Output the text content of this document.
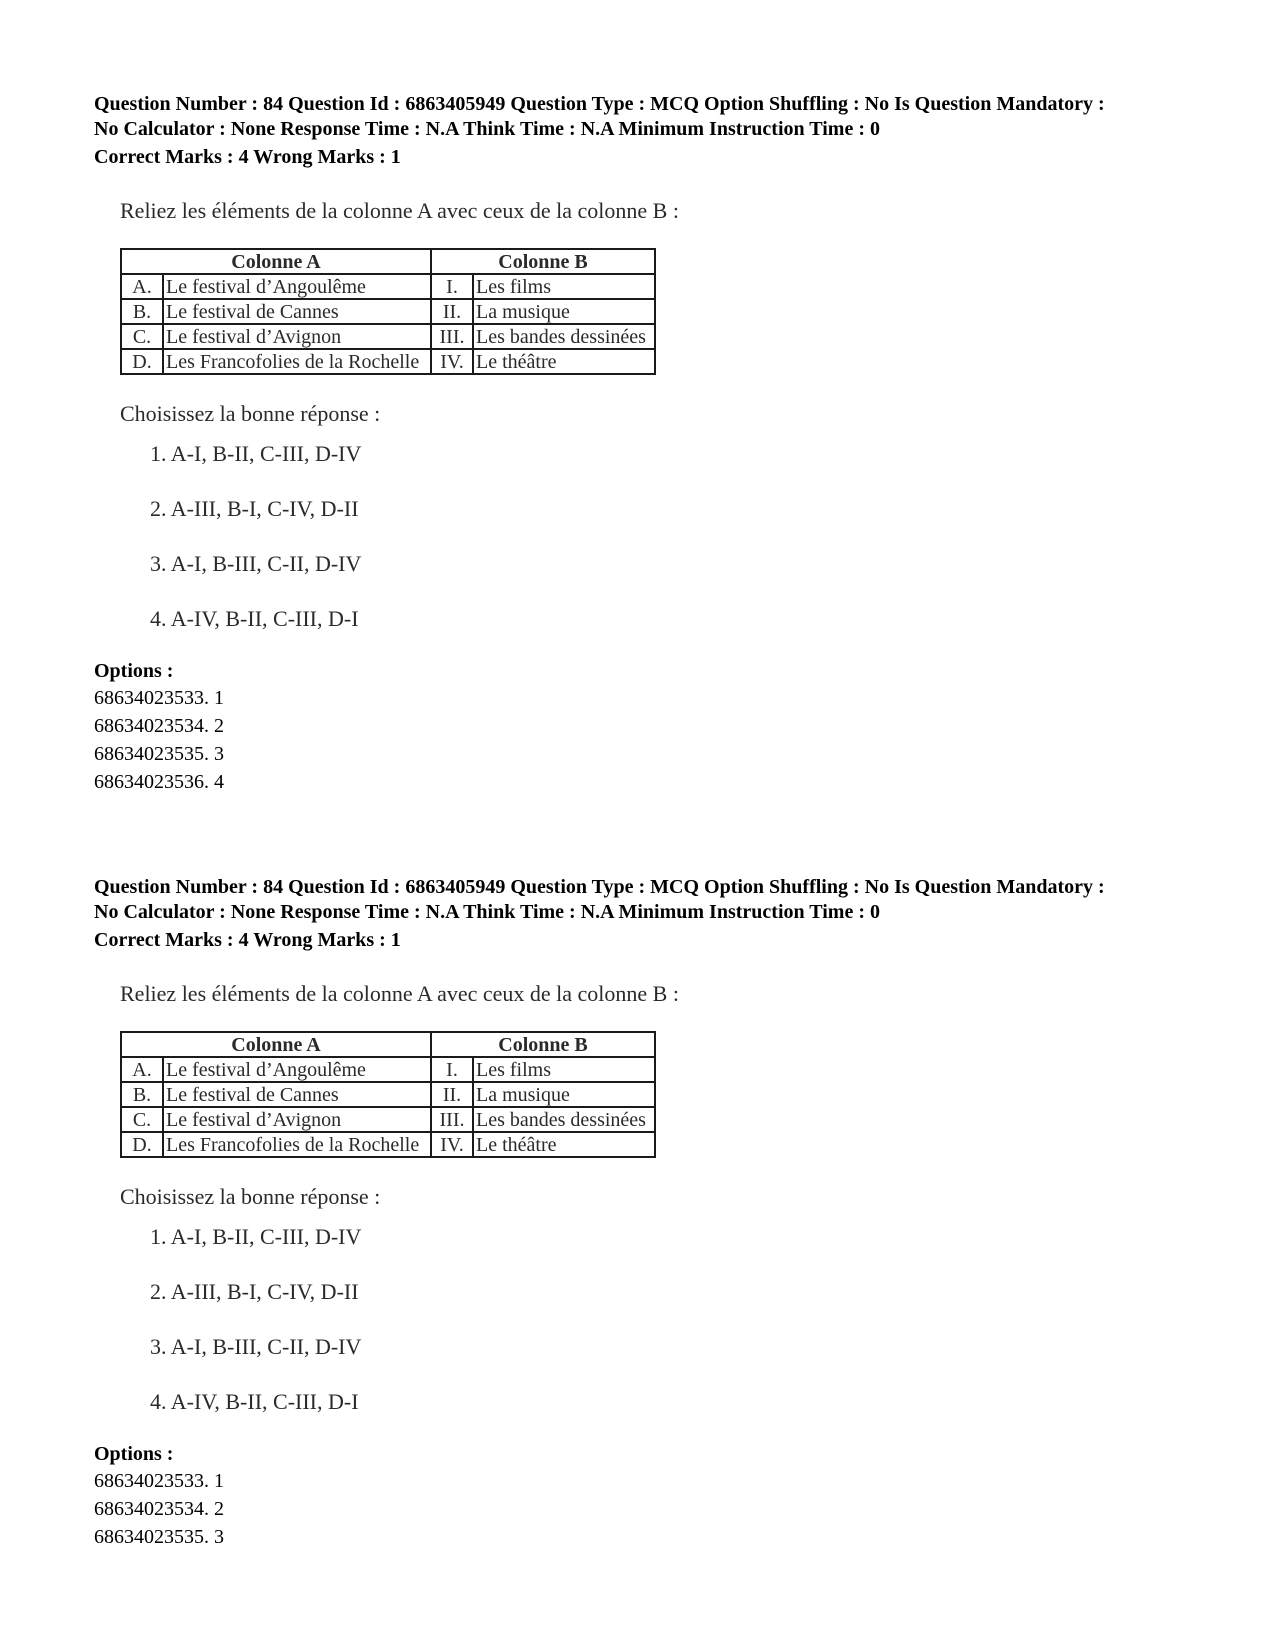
Question Number : 84 Question Id : 6863405949 Question Type : MCQ Option Shuffling : No Is Question Mandatory :
No Calculator : None Response Time : N.A Think Time : N.A Minimum Instruction Time : 0
Correct Marks : 4 Wrong Marks : 1
Reliez les éléments de la colonne A avec ceux de la colonne B :
Colonne A		Colonne B	
A.	Le festival d’Angoulême	I.	Les films
B.	Le festival de Cannes	II.	La musique
C.	Le festival d’Avignon	III.	Les bandes dessinées
D.	Les Francofolies de la Rochelle	IV.	Le théâtre
Choisissez la bonne réponse :
1. A-I, B-II, C-III, D-IV
2. A-III, B-I, C-IV, D-II
3. A-I, B-III, C-II, D-IV
4. A-IV, B-II, C-III, D-I
Options :
68634023533. 1
68634023534. 2
68634023535. 3
68634023536. 4
Question Number : 84 Question Id : 6863405949 Question Type : MCQ Option Shuffling : No Is Question Mandatory :
No Calculator : None Response Time : N.A Think Time : N.A Minimum Instruction Time : 0
Correct Marks : 4 Wrong Marks : 1
Reliez les éléments de la colonne A avec ceux de la colonne B :
Colonne A		Colonne B	
A.	Le festival d’Angoulême	I.	Les films
B.	Le festival de Cannes	II.	La musique
C.	Le festival d’Avignon	III.	Les bandes dessinées
D.	Les Francofolies de la Rochelle	IV.	Le théâtre
Choisissez la bonne réponse :
1. A-I, B-II, C-III, D-IV
2. A-III, B-I, C-IV, D-II
3. A-I, B-III, C-II, D-IV
4. A-IV, B-II, C-III, D-I
Options :
68634023533. 1
68634023534. 2
68634023535. 3
